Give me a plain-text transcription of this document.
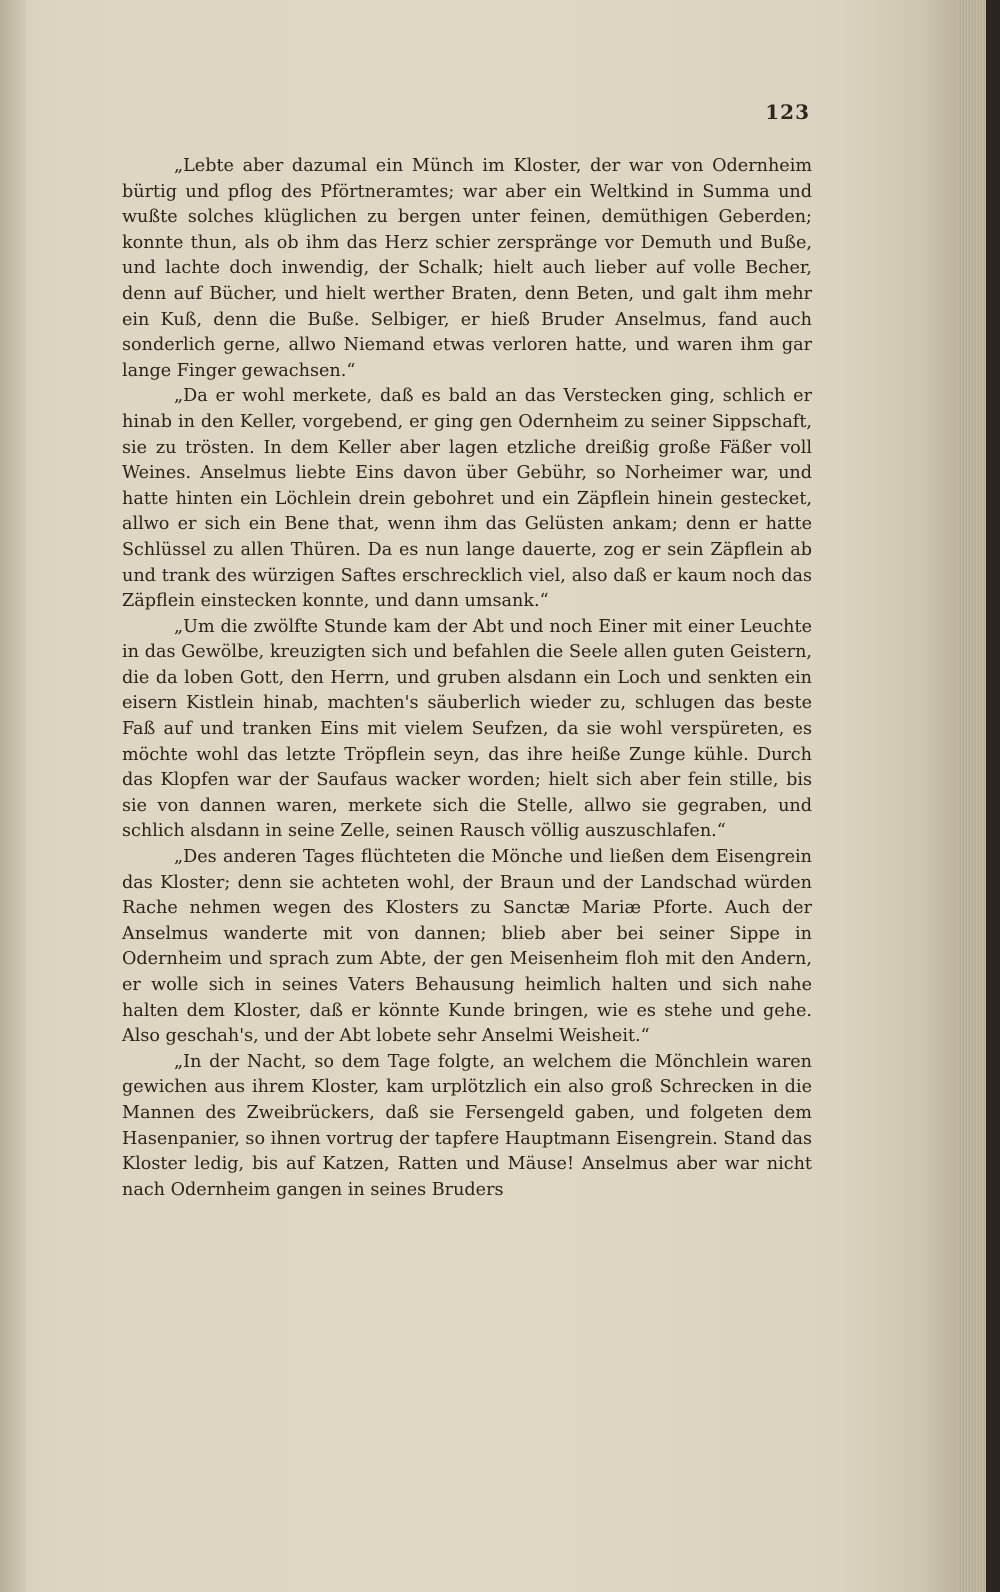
123

„Lebte aber dazumal ein Münch im Kloster, der war von Odernheim bürtig und pflog des Pförtneramtes; war aber ein Weltkind in Summa und wußte solches klüglichen zu bergen unter feinen, demüthigen Geberden; konnte thun, als ob ihm das Herz schier zerspränge vor Demuth und Buße, und lachte doch inwendig, der Schalk; hielt auch lieber auf volle Becher, denn auf Bücher, und hielt werther Braten, denn Beten, und galt ihm mehr ein Kuß, denn die Buße. Selbiger, er hieß Bruder Anselmus, fand auch sonderlich gerne, allwo Niemand etwas verloren hatte, und waren ihm gar lange Finger gewachsen.“

„Da er wohl merkete, daß es bald an das Verstecken ging, schlich er hinab in den Keller, vorgebend, er ging gen Odernheim zu seiner Sippschaft, sie zu trösten. In dem Keller aber lagen etzliche dreißig große Fäßer voll Weines. Anselmus liebte Eins davon über Gebühr, so Norheimer war, und hatte hinten ein Löchlein drein gebohret und ein Zäpflein hinein gestecket, allwo er sich ein Bene that, wenn ihm das Gelüsten ankam; denn er hatte Schlüssel zu allen Thüren. Da es nun lange dauerte, zog er sein Zäpflein ab und trank des würzigen Saftes erschrecklich viel, also daß er kaum noch das Zäpflein einstecken konnte, und dann umsank.“

„Um die zwölfte Stunde kam der Abt und noch Einer mit einer Leuchte in das Gewölbe, kreuzigten sich und befahlen die Seele allen guten Geistern, die da loben Gott, den Herrn, und gruben alsdann ein Loch und senkten ein eisern Kistlein hinab, machten's säuberlich wieder zu, schlugen das beste Faß auf und tranken Eins mit vielem Seufzen, da sie wohl verspüreten, es möchte wohl das letzte Tröpflein seyn, das ihre heiße Zunge kühle. Durch das Klopfen war der Saufaus wacker worden; hielt sich aber fein stille, bis sie von dannen waren, merkete sich die Stelle, allwo sie gegraben, und schlich alsdann in seine Zelle, seinen Rausch völlig auszuschlafen.“

„Des anderen Tages flüchteten die Mönche und ließen dem Eisengrein das Kloster; denn sie achteten wohl, der Braun und der Landschad würden Rache nehmen wegen des Klosters zu Sanctæ Mariæ Pforte. Auch der Anselmus wanderte mit von dannen; blieb aber bei seiner Sippe in Odernheim und sprach zum Abte, der gen Meisenheim floh mit den Andern, er wolle sich in seines Vaters Behausung heimlich halten und sich nahe halten dem Kloster, daß er könnte Kunde bringen, wie es stehe und gehe. Also geschah's, und der Abt lobete sehr Anselmi Weisheit.“

„In der Nacht, so dem Tage folgte, an welchem die Mönchlein waren gewichen aus ihrem Kloster, kam urplötzlich ein also groß Schrecken in die Mannen des Zweibrückers, daß sie Fersengeld gaben, und folgeten dem Hasenpanier, so ihnen vortrug der tapfere Hauptmann Eisengrein. Stand das Kloster ledig, bis auf Katzen, Ratten und Mäuse! Anselmus aber war nicht nach Odernheim gangen in seines Bruders
